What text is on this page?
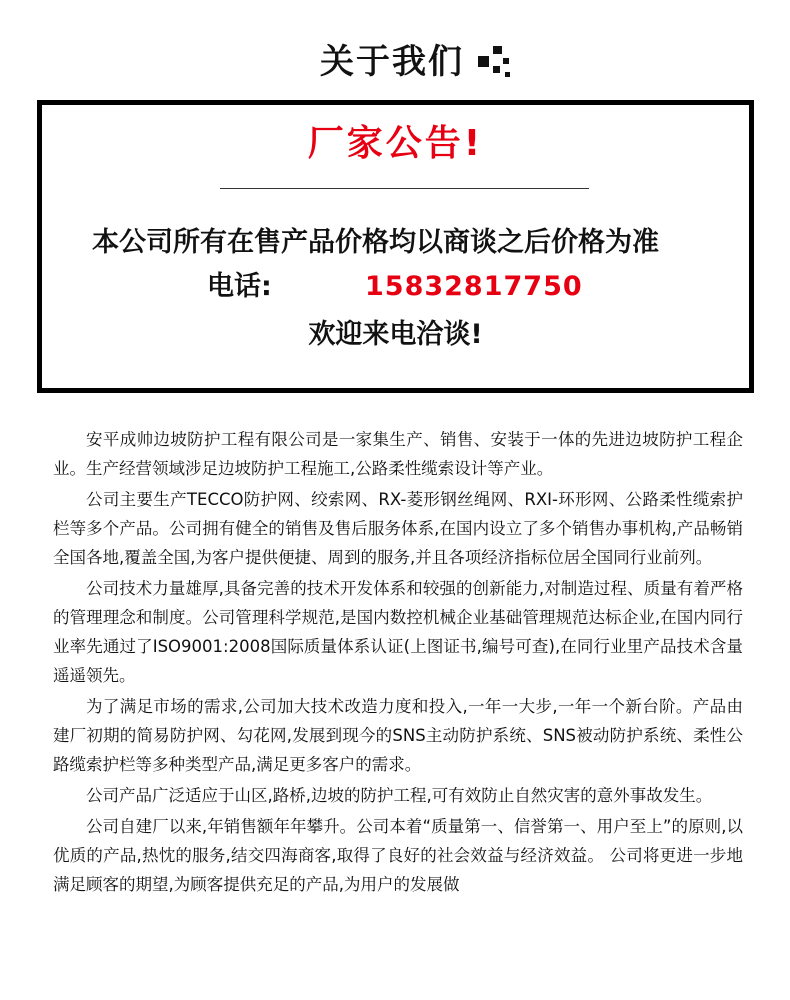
关于我们
厂家公告!
本公司所有在售产品价格均以商谈之后价格为准
电话:	15832817750
欢迎来电洽谈!

安平成帅边坡防护工程有限公司是一家集生产、销售、安装于一体的先进边坡防护工程企业。生产经营领域涉足边坡防护工程施工,公路柔性缆索设计等产业。

公司主要生产TECCO防护网、绞索网、RX-菱形钢丝绳网、RXI-环形网、公路柔性缆索护栏等多个产品。公司拥有健全的销售及售后服务体系,在国内设立了多个销售办事机构,产品畅销全国各地,覆盖全国,为客户提供便捷、周到的服务,并且各项经济指标位居全国同行业前列。

公司技术力量雄厚,具备完善的技术开发体系和较强的创新能力,对制造过程、质量有着严格的管理理念和制度。公司管理科学规范,是国内数控机械企业基础管理规范达标企业,在国内同行业率先通过了ISO9001:2008国际质量体系认证(上图证书,编号可查),在同行业里产品技术含量遥遥领先。

为了满足市场的需求,公司加大技术改造力度和投入,一年一大步,一年一个新台阶。产品由建厂初期的简易防护网、勾花网,发展到现今的SNS主动防护系统、SNS被动防护系统、柔性公路缆索护栏等多种类型产品,满足更多客户的需求。

公司产品广泛适应于山区,路桥,边坡的防护工程,可有效防止自然灾害的意外事故发生。

公司自建厂以来,年销售额年年攀升。公司本着“质量第一、信誉第一、用户至上”的原则,以优质的产品,热忱的服务,结交四海商客,取得了良好的社会效益与经济效益。 公司将更进一步地满足顾客的期望,为顾客提供充足的产品,为用户的发展做
